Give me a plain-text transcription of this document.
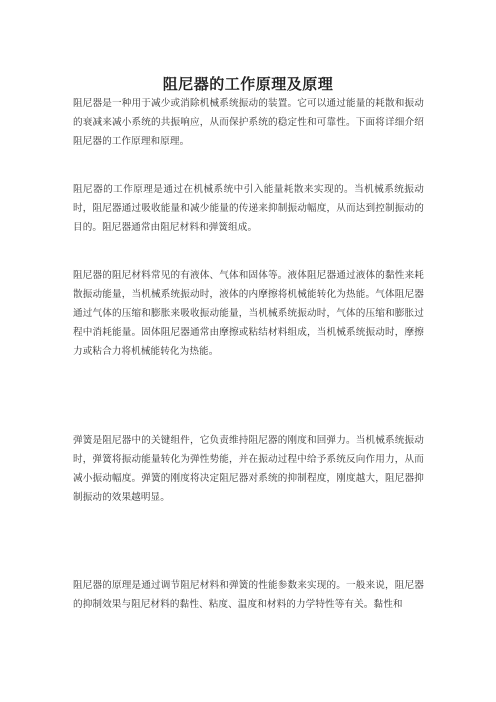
阻尼器的工作原理及原理

阻尼器是一种用于减少或消除机械系统振动的装置。它可以通过能量的耗散和振动的衰减来减小系统的共振响应，从而保护系统的稳定性和可靠性。下面将详细介绍阻尼器的工作原理和原理。

阻尼器的工作原理是通过在机械系统中引入能量耗散来实现的。当机械系统振动时，阻尼器通过吸收能量和减少能量的传递来抑制振动幅度，从而达到控制振动的目的。阻尼器通常由阻尼材料和弹簧组成。

阻尼器的阻尼材料常见的有液体、气体和固体等。液体阻尼器通过液体的黏性来耗散振动能量，当机械系统振动时，液体的内摩擦将机械能转化为热能。气体阻尼器通过气体的压缩和膨胀来吸收振动能量，当机械系统振动时，气体的压缩和膨胀过程中消耗能量。固体阻尼器通常由摩擦或粘结材料组成，当机械系统振动时，摩擦力或粘合力将机械能转化为热能。

弹簧是阻尼器中的关键组件，它负责维持阻尼器的刚度和回弹力。当机械系统振动时，弹簧将振动能量转化为弹性势能，并在振动过程中给予系统反向作用力，从而减小振动幅度。弹簧的刚度将决定阻尼器对系统的抑制程度，刚度越大，阻尼器抑制振动的效果越明显。

阻尼器的原理是通过调节阻尼材料和弹簧的性能参数来实现的。一般来说，阻尼器的抑制效果与阻尼材料的黏性、粘度、温度和材料的力学特性等有关。黏性和
